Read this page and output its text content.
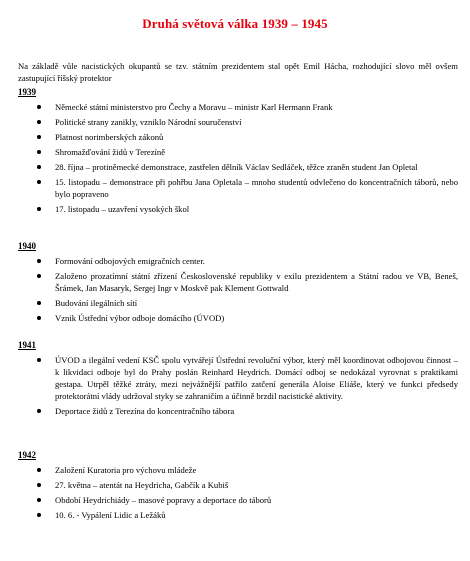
Druhá světová válka 1939 – 1945
Na základě vůle nacistických okupantů se tzv. státním prezidentem stal opět Emil Hácha, rozhodující slovo měl ovšem zastupující říšský protektor
1939
Německé státní ministerstvo pro Čechy a Moravu – ministr Karl Hermann Frank
Politické strany zanikly, vzniklo Národní souručenství
Platnost norimberských zákonů
Shromažďování židů v Terezíně
28. října – protiněmecké demonstrace, zastřelen dělník Václav Sedláček, těžce zraněn student Jan Opletal
15. listopadu – demonstrace při pohřbu Jana Opletala – mnoho studentů odvlečeno do koncentračních táborů, nebo bylo popraveno
17. listopadu – uzavření vysokých škol
1940
Formování odbojových emigračních center.
Založeno prozatímní státní zřízení Československé republiky v exilu prezidentem a Státní radou ve VB, Beneš, Šrámek, Jan Masaryk, Sergej Ingr v Moskvě pak Klement Gottwald
Budování ilegálních sítí
Vznik Ústřední výbor odboje domácího (ÚVOD)
1941
ÚVOD a ilegální vedení KSČ spolu vytvářejí Ústřední revoluční výbor, který měl koordinovat odbojovou činnost – k likvidaci odboje byl do Prahy poslán Reinhard Heydrich. Domácí odboj se nedokázal vyrovnat s praktikami gestapa. Utrpěl těžké ztráty, mezi nejvážnější patřilo zatčení generála Aloise Eliáše, který ve funkci předsedy protektorátní vlády udržoval styky se zahraničím a účinně brzdil nacistické aktivity.
Deportace židů z Terezína do koncentračního tábora
1942
Založení Kuratoria pro výchovu mládeže
27. května – atentát na Heydricha, Gabčík a Kubiš
Období Heydrichiády – masové popravy a deportace do táborů
10. 6. - Vypálení Lidic a Ležáků
